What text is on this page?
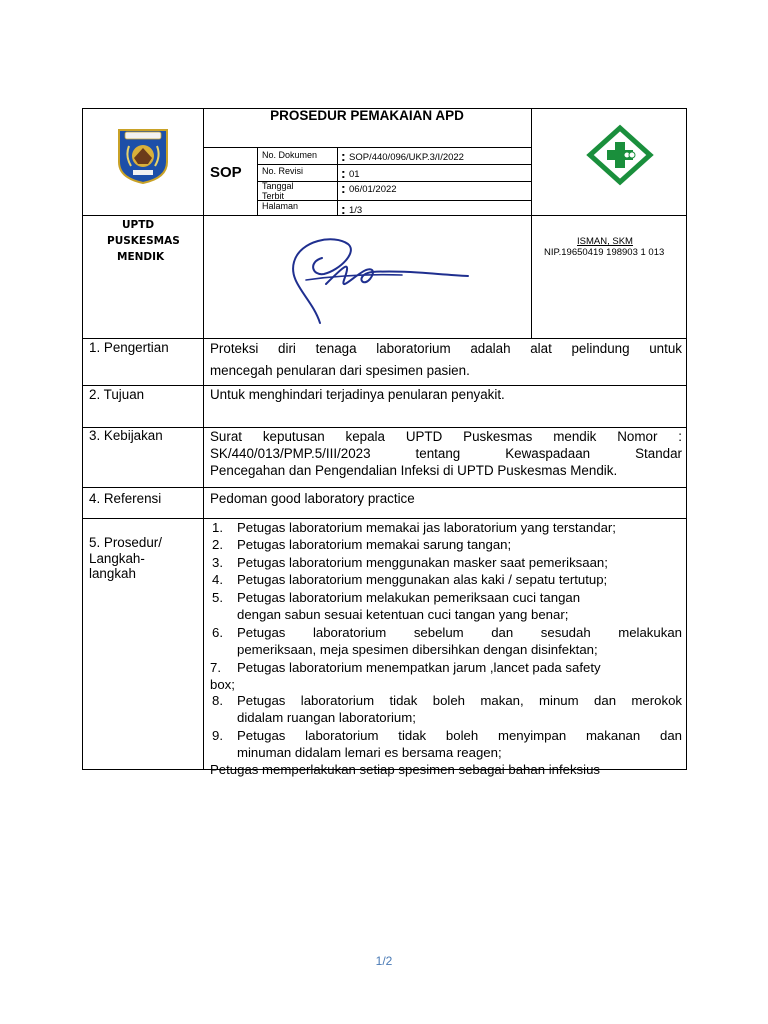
PROSEDUR PEMAKAIAN APD
SOP
No. Dokumen : SOP/440/096/UKP.3/I/2022
No. Revisi	: 01
Tanggal Terbit	: 06/01/2022
Halaman	: 1/3
UPTD
PUSKESMAS
MENDIK
ISMAN, SKM
NIP.19650419 198903 1 013
1. Pengertian	Proteksi diri tenaga laboratorium adalah alat pelindung untuk
mencegah penularan dari spesimen pasien.
2. Tujuan	Untuk menghindari terjadinya penularan penyakit.
3. Kebijakan	Surat keputusan kepala UPTD Puskesmas mendik Nomor :
SK/440/013/PMP.5/III/2023 tentang Kewaspadaan Standar
Pencegahan dan Pengendalian Infeksi di UPTD Puskesmas Mendik.
4. Referensi	Pedoman good laboratory practice
5. Prosedur/
Langkah-
langkah
1. Petugas laboratorium memakai jas laboratorium yang terstandar;
2. Petugas laboratorium memakai sarung tangan;
3. Petugas laboratorium menggunakan masker saat pemeriksaan;
4. Petugas laboratorium menggunakan alas kaki / sepatu tertutup;
5. Petugas laboratorium melakukan pemeriksaan cuci tangan
dengan sabun sesuai ketentuan cuci tangan yang benar;
6. Petugas laboratorium sebelum dan sesudah melakukan
pemeriksaan, meja spesimen dibersihkan dengan disinfektan;
7. Petugas laboratorium menempatkan jarum ,lancet pada safety
box;
8. Petugas laboratorium tidak boleh makan, minum dan merokok
didalam ruangan laboratorium;
9. Petugas laboratorium tidak boleh menyimpan makanan dan
minuman didalam lemari es bersama reagen;
Petugas memperlakukan setiap spesimen sebagai bahan infeksius
1/2
